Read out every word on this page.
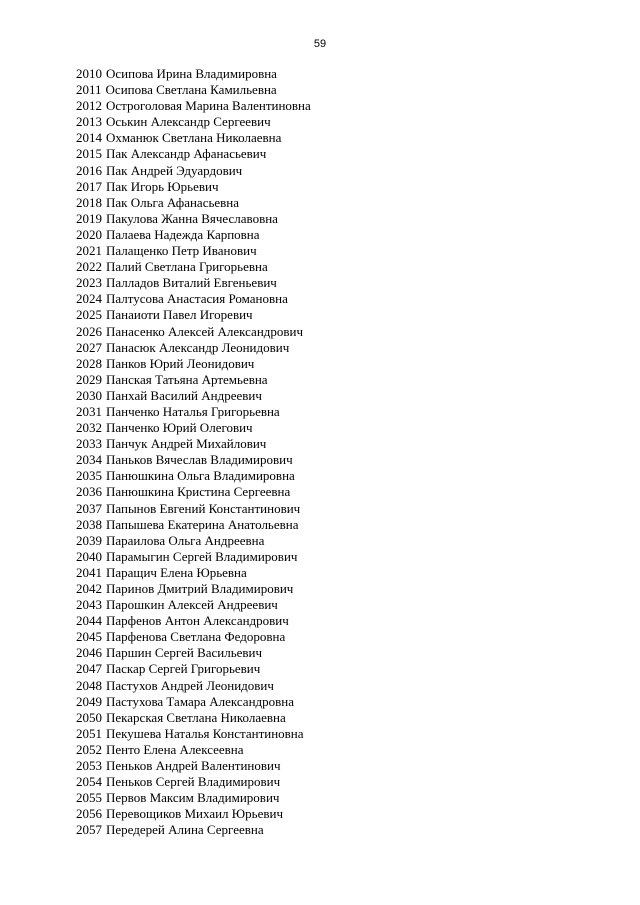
59
2010 Осипова Ирина Владимировна
2011 Осипова Светлана Камильевна
2012 Остроголовая Марина Валентиновна
2013 Оськин Александр Сергеевич
2014 Охманюк Светлана Николаевна
2015 Пак Александр Афанасьевич
2016 Пак Андрей Эдуардович
2017 Пак Игорь Юрьевич
2018 Пак Ольга Афанасьевна
2019 Пакулова Жанна Вячеславовна
2020 Палаева Надежда Карповна
2021 Палащенко Петр Иванович
2022 Палий Светлана Григорьевна
2023 Палладов Виталий Евгеньевич
2024 Палтусова Анастасия Романовна
2025 Панаиоти Павел Игоревич
2026 Панасенко Алексей Александрович
2027 Панасюк Александр Леонидович
2028 Панков Юрий Леонидович
2029 Панская Татьяна Артемьевна
2030 Панхай Василий Андреевич
2031 Панченко Наталья Григорьевна
2032 Панченко Юрий Олегович
2033 Панчук Андрей Михайлович
2034 Паньков Вячеслав Владимирович
2035 Панюшкина Ольга Владимировна
2036 Панюшкина Кристина Сергеевна
2037 Папынов Евгений Константинович
2038 Папышева Екатерина Анатольевна
2039 Параилова Ольга Андреевна
2040 Парамыгин Сергей Владимирович
2041 Паращич Елена Юрьевна
2042 Паринов Дмитрий Владимирович
2043 Парошкин Алексей Андреевич
2044 Парфенов Антон Александрович
2045 Парфенова Светлана Федоровна
2046 Паршин Сергей Васильевич
2047 Паскар Сергей Григорьевич
2048 Пастухов Андрей Леонидович
2049 Пастухова Тамара Александровна
2050 Пекарская Светлана Николаевна
2051 Пекушева Наталья Константиновна
2052 Пенто Елена Алексеевна
2053 Пеньков Андрей Валентинович
2054 Пеньков Сергей Владимирович
2055 Первов Максим Владимирович
2056 Перевощиков Михаил Юрьевич
2057 Передерей Алина Сергеевна
